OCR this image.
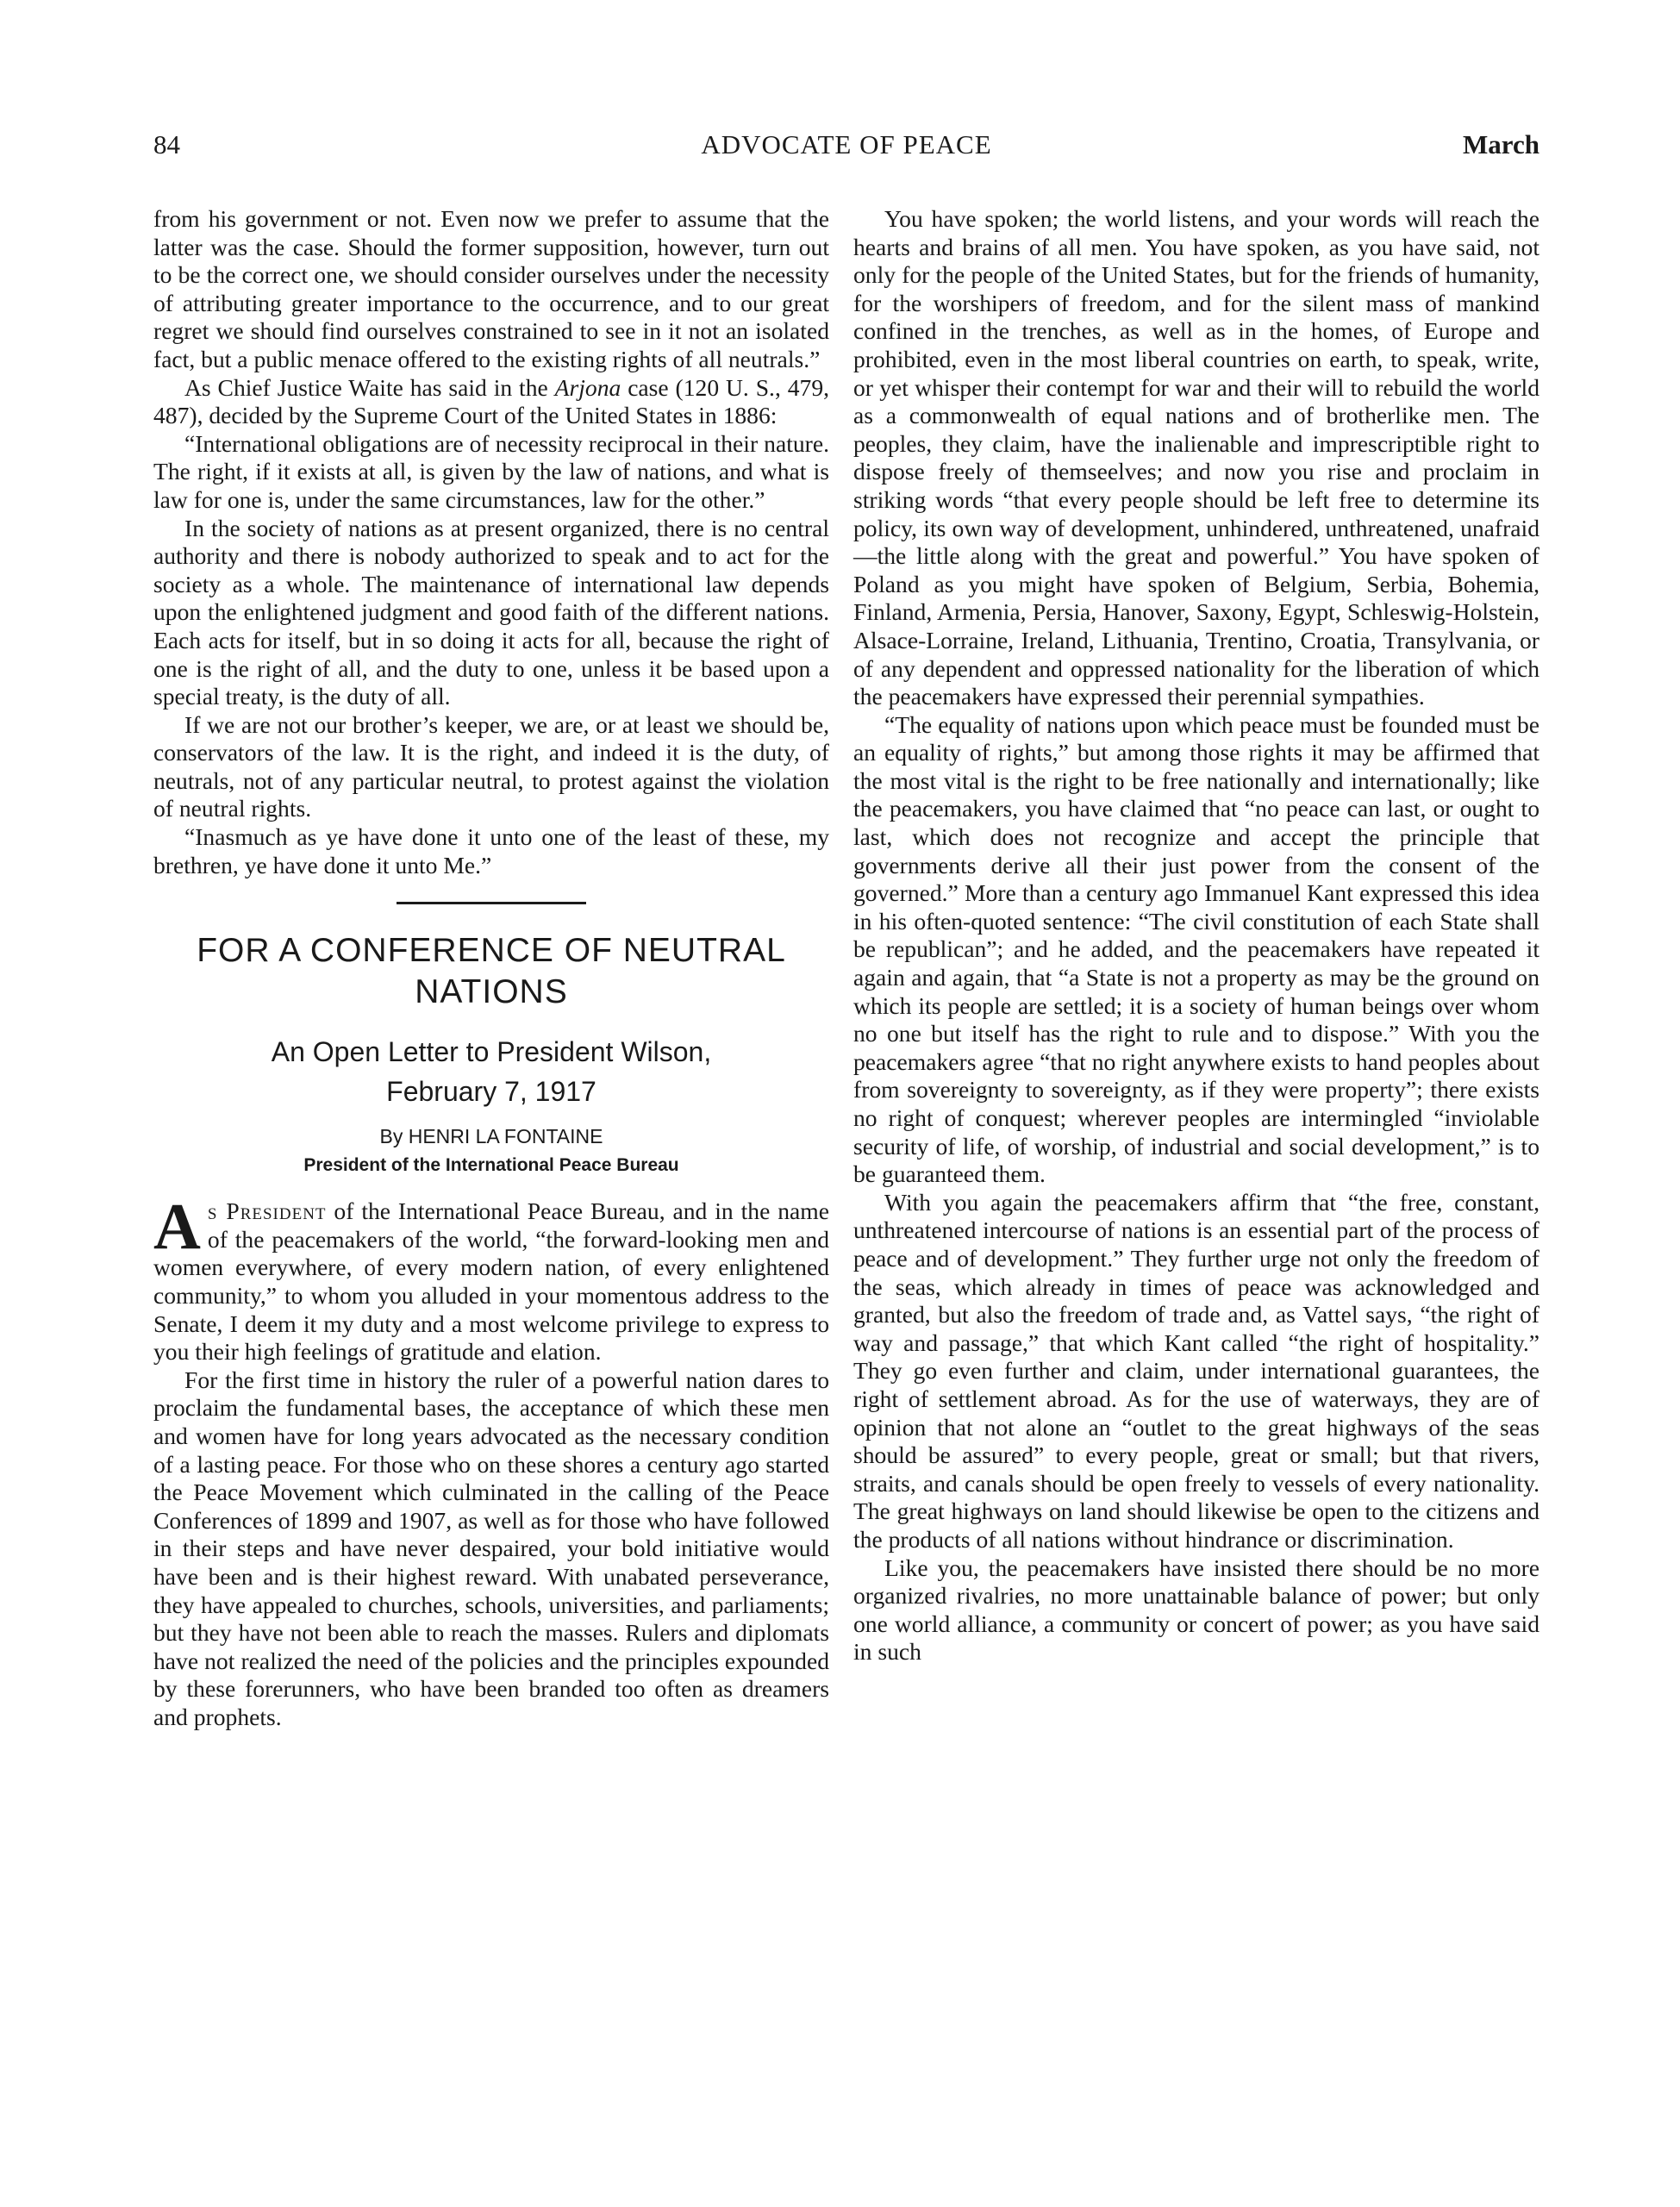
84	ADVOCATE OF PEACE	March

from his government or not. Even now we prefer to assume that the latter was the case. Should the former supposition, however, turn out to be the correct one, we should consider ourselves under the necessity of attributing greater importance to the occurrence, and to our great regret we should find ourselves constrained to see in it not an isolated fact, but a public menace offered to the existing rights of all neutrals.”

As Chief Justice Waite has said in the Arjona case (120 U. S., 479, 487), decided by the Supreme Court of the United States in 1886:

“International obligations are of necessity reciprocal in their nature. The right, if it exists at all, is given by the law of nations, and what is law for one is, under the same circumstances, law for the other.”

In the society of nations as at present organized, there is no central authority and there is nobody authorized to speak and to act for the society as a whole. The maintenance of international law depends upon the enlightened judgment and good faith of the different nations. Each acts for itself, but in so doing it acts for all, because the right of one is the right of all, and the duty to one, unless it be based upon a special treaty, is the duty of all.

If we are not our brother’s keeper, we are, or at least we should be, conservators of the law. It is the right, and indeed it is the duty, of neutrals, not of any particular neutral, to protest against the violation of neutral rights.

“Inasmuch as ye have done it unto one of the least of these, my brethren, ye have done it unto Me.”

FOR A CONFERENCE OF NEUTRAL NATIONS
An Open Letter to President Wilson,
February 7, 1917
By HENRI LA FONTAINE
President of the International Peace Bureau

As President of the International Peace Bureau, and in the name of the peacemakers of the world, “the forward-looking men and women everywhere, of every modern nation, of every enlightened community,” to whom you alluded in your momentous address to the Senate, I deem it my duty and a most welcome privilege to express to you their high feelings of gratitude and elation.

For the first time in history the ruler of a powerful nation dares to proclaim the fundamental bases, the acceptance of which these men and women have for long years advocated as the necessary condition of a lasting peace. For those who on these shores a century ago started the Peace Movement which culminated in the calling of the Peace Conferences of 1899 and 1907, as well as for those who have followed in their steps and have never despaired, your bold initiative would have been and is their highest reward. With unabated perseverance, they have appealed to churches, schools, universities, and parliaments; but they have not been able to reach the masses. Rulers and diplomats have not realized the need of the policies and the principles expounded by these forerunners, who have been branded too often as dreamers and prophets.

You have spoken; the world listens, and your words will reach the hearts and brains of all men. You have spoken, as you have said, not only for the people of the United States, but for the friends of humanity, for the worshipers of freedom, and for the silent mass of mankind confined in the trenches, as well as in the homes, of Europe and prohibited, even in the most liberal countries on earth, to speak, write, or yet whisper their contempt for war and their will to rebuild the world as a commonwealth of equal nations and of brotherlike men. The peoples, they claim, have the inalienable and imprescriptible right to dispose freely of themseelves; and now you rise and proclaim in striking words “that every people should be left free to determine its policy, its own way of development, unhindered, unthreatened, unafraid—the little along with the great and powerful.” You have spoken of Poland as you might have spoken of Belgium, Serbia, Bohemia, Finland, Armenia, Persia, Hanover, Saxony, Egypt, Schleswig-Holstein, Alsace-Lorraine, Ireland, Lithuania, Trentino, Croatia, Transylvania, or of any dependent and oppressed nationality for the liberation of which the peacemakers have expressed their perennial sympathies.

“The equality of nations upon which peace must be founded must be an equality of rights,” but among those rights it may be affirmed that the most vital is the right to be free nationally and internationally; like the peacemakers, you have claimed that “no peace can last, or ought to last, which does not recognize and accept the principle that governments derive all their just power from the consent of the governed.” More than a century ago Immanuel Kant expressed this idea in his often-quoted sentence: “The civil constitution of each State shall be republican”; and he added, and the peacemakers have repeated it again and again, that “a State is not a property as may be the ground on which its people are settled; it is a society of human beings over whom no one but itself has the right to rule and to dispose.” With you the peacemakers agree “that no right anywhere exists to hand peoples about from sovereignty to sovereignty, as if they were property”; there exists no right of conquest; wherever peoples are intermingled “inviolable security of life, of worship, of industrial and social development,” is to be guaranteed them.

With you again the peacemakers affirm that “the free, constant, unthreatened intercourse of nations is an essential part of the process of peace and of development.” They further urge not only the freedom of the seas, which already in times of peace was acknowledged and granted, but also the freedom of trade and, as Vattel says, “the right of way and passage,” that which Kant called “the right of hospitality.” They go even further and claim, under international guarantees, the right of settlement abroad. As for the use of waterways, they are of opinion that not alone an “outlet to the great highways of the seas should be assured” to every people, great or small; but that rivers, straits, and canals should be open freely to vessels of every nationality. The great highways on land should likewise be open to the citizens and the products of all nations without hindrance or discrimination.

Like you, the peacemakers have insisted there should be no more organized rivalries, no more unattainable balance of power; but only one world alliance, a community or concert of power; as you have said in such
